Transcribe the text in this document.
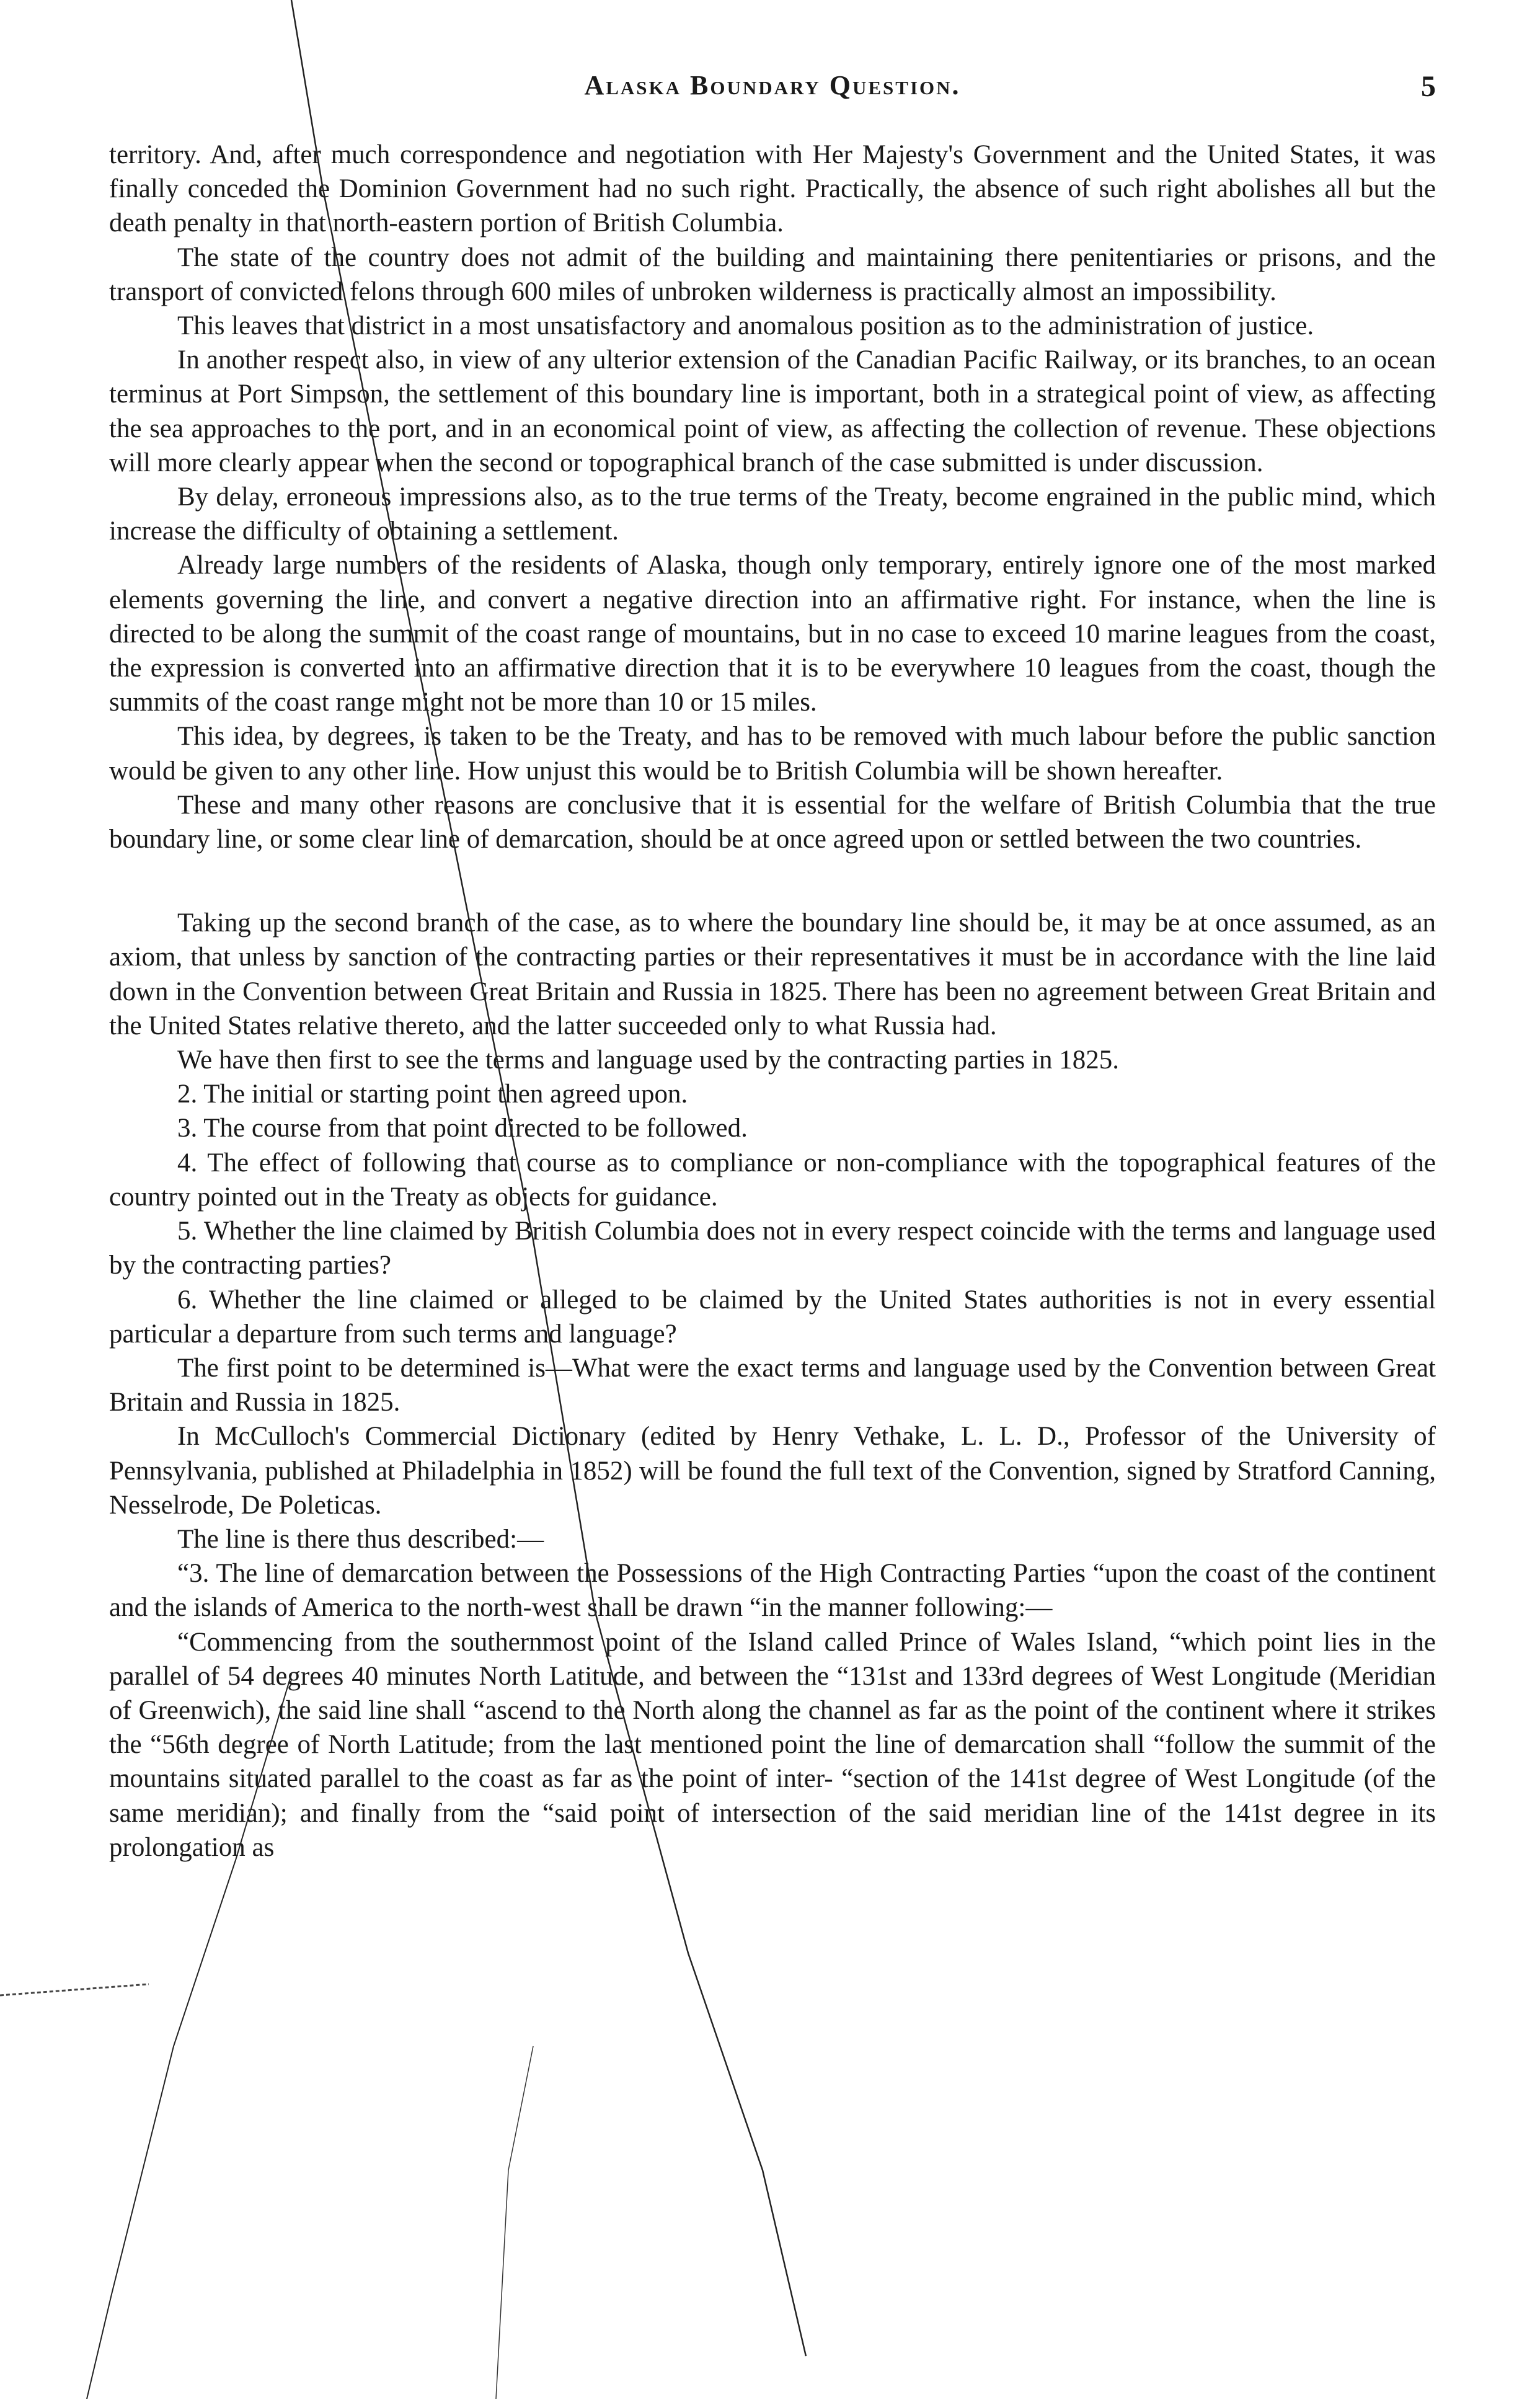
Alaska Boundary Question.	5

territory. And, after much correspondence and negotiation with Her Majesty's Government and the United States, it was finally conceded the Dominion Government had no such right. Practically, the absence of such right abolishes all but the death penalty in that north-eastern portion of British Columbia.

The state of the country does not admit of the building and maintaining there penitentiaries or prisons, and the transport of convicted felons through 600 miles of unbroken wilderness is practically almost an impossibility.

This leaves that district in a most unsatisfactory and anomalous position as to the administration of justice.

In another respect also, in view of any ulterior extension of the Canadian Pacific Railway, or its branches, to an ocean terminus at Port Simpson, the settlement of this boundary line is important, both in a strategical point of view, as affecting the sea approaches to the port, and in an economical point of view, as affecting the collection of revenue. These objections will more clearly appear when the second or topographical branch of the case submitted is under discussion.

By delay, erroneous impressions also, as to the true terms of the Treaty, become engrained in the public mind, which increase the difficulty of obtaining a settlement.

Already large numbers of the residents of Alaska, though only temporary, entirely ignore one of the most marked elements governing the line, and convert a negative direction into an affirmative right. For instance, when the line is directed to be along the summit of the coast range of mountains, but in no case to exceed 10 marine leagues from the coast, the expression is converted into an affirmative direction that it is to be everywhere 10 leagues from the coast, though the summits of the coast range might not be more than 10 or 15 miles.

This idea, by degrees, is taken to be the Treaty, and has to be removed with much labour before the public sanction would be given to any other line. How unjust this would be to British Columbia will be shown hereafter.

These and many other reasons are conclusive that it is essential for the welfare of British Columbia that the true boundary line, or some clear line of demarcation, should be at once agreed upon or settled between the two countries.

Taking up the second branch of the case, as to where the boundary line should be, it may be at once assumed, as an axiom, that unless by sanction of the contracting parties or their representatives it must be in accordance with the line laid down in the Convention between Great Britain and Russia in 1825. There has been no agreement between Great Britain and the United States relative thereto, and the latter succeeded only to what Russia had.

We have then first to see the terms and language used by the contracting parties in 1825.

2. The initial or starting point then agreed upon.

3. The course from that point directed to be followed.

4. The effect of following that course as to compliance or non-compliance with the topographical features of the country pointed out in the Treaty as objects for guidance.

5. Whether the line claimed by British Columbia does not in every respect coincide with the terms and language used by the contracting parties?

6. Whether the line claimed or alleged to be claimed by the United States authorities is not in every essential particular a departure from such terms and language?

The first point to be determined is—What were the exact terms and language used by the Convention between Great Britain and Russia in 1825.

In McCulloch's Commercial Dictionary (edited by Henry Vethake, L. L. D., Professor of the University of Pennsylvania, published at Philadelphia in 1852) will be found the full text of the Convention, signed by Stratford Canning, Nesselrode, De Poleticas.

The line is there thus described:—

“3. The line of demarcation between the Possessions of the High Contracting Parties “upon the coast of the continent and the islands of America to the north-west shall be drawn “in the manner following:—

“Commencing from the southernmost point of the Island called Prince of Wales Island, “which point lies in the parallel of 54 degrees 40 minutes North Latitude, and between the “131st and 133rd degrees of West Longitude (Meridian of Greenwich), the said line shall “ascend to the North along the channel as far as the point of the continent where it strikes the “56th degree of North Latitude; from the last mentioned point the line of demarcation shall “follow the summit of the mountains situated parallel to the coast as far as the point of inter- “section of the 141st degree of West Longitude (of the same meridian); and finally from the “said point of intersection of the said meridian line of the 141st degree in its prolongation as
